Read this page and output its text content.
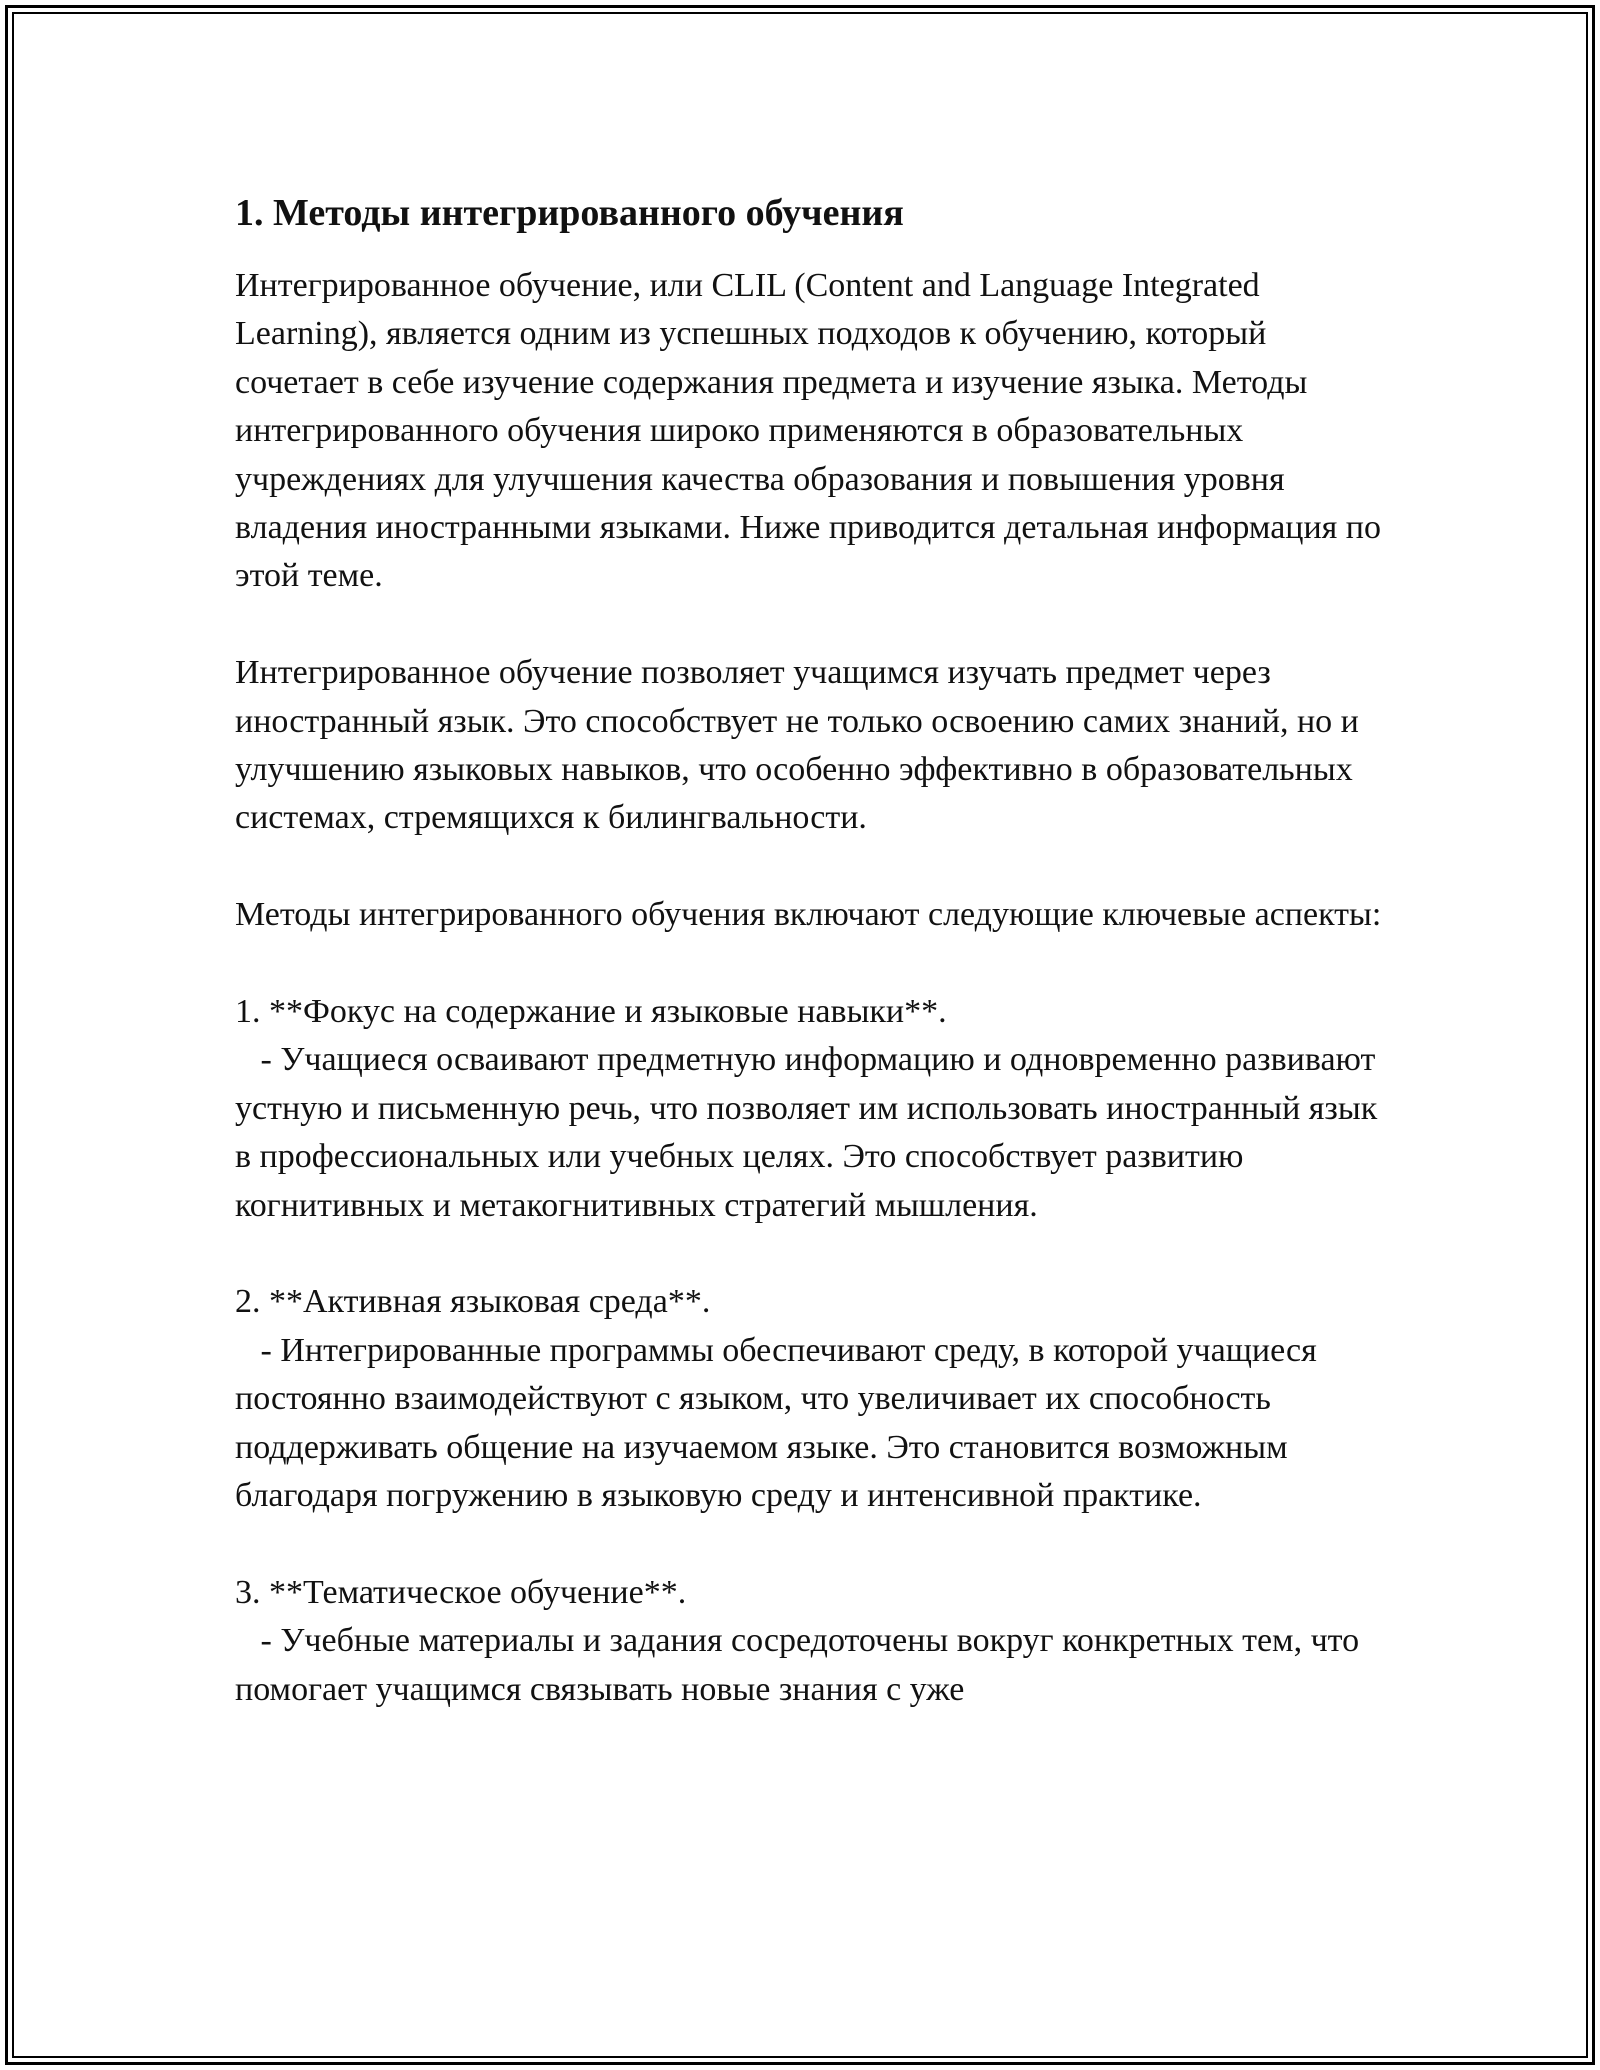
1. Методы интегрированного обучения

Интегрированное обучение, или CLIL (Content and Language Integrated Learning), является одним из успешных подходов к обучению, который сочетает в себе изучение содержания предмета и изучение языка. Методы интегрированного обучения широко применяются в образовательных учреждениях для улучшения качества образования и повышения уровня владения иностранными языками. Ниже приводится детальная информация по этой теме.

Интегрированное обучение позволяет учащимся изучать предмет через иностранный язык. Это способствует не только освоению самих знаний, но и улучшению языковых навыков, что особенно эффективно в образовательных системах, стремящихся к билингвальности.

Методы интегрированного обучения включают следующие ключевые аспекты:

1. **Фокус на содержание и языковые навыки**.

- Учащиеся осваивают предметную информацию и одновременно развивают устную и письменную речь, что позволяет им использовать иностранный язык в профессиональных или учебных целях. Это способствует развитию когнитивных и метакогнитивных стратегий мышления.

2. **Активная языковая среда**.

- Интегрированные программы обеспечивают среду, в которой учащиеся постоянно взаимодействуют с языком, что увеличивает их способность поддерживать общение на изучаемом языке. Это становится возможным благодаря погружению в языковую среду и интенсивной практике.

3. **Тематическое обучение**.

- Учебные материалы и задания сосредоточены вокруг конкретных тем, что помогает учащимся связывать новые знания с уже
